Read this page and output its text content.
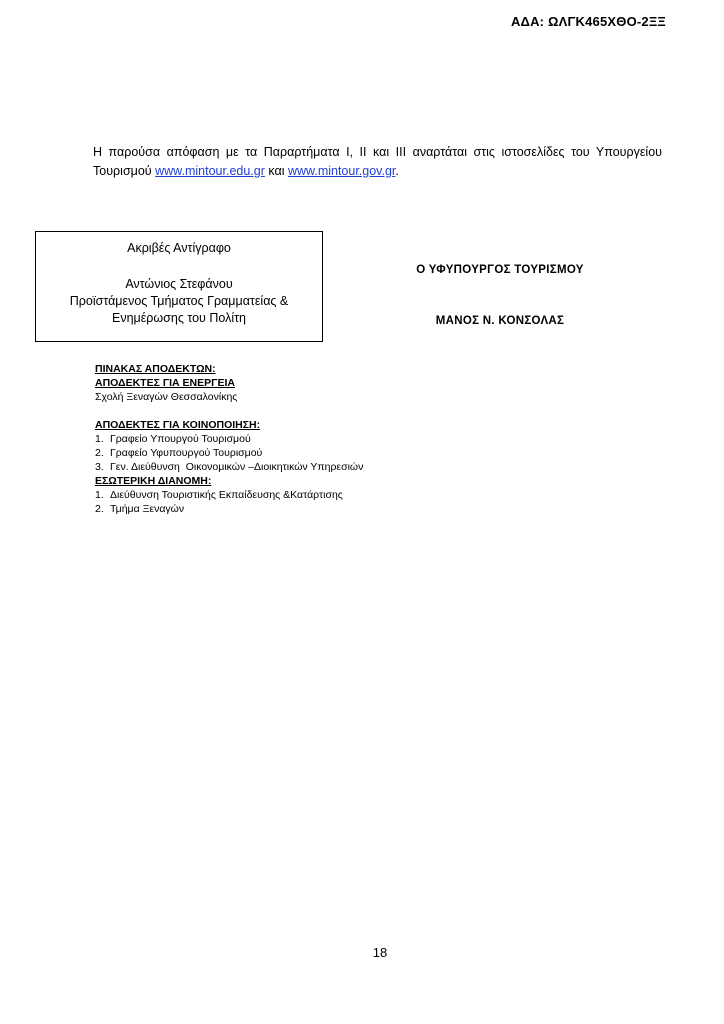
ΑΔΑ: ΩΛΓΚ465ΧΘΟ-2ΞΞ

Η παρούσα απόφαση με τα Παραρτήματα Ι, ΙΙ και ΙΙΙ αναρτάται στις ιστοσελίδες του Υπουργείου Τουρισμού www.mintour.edu.gr και www.mintour.gov.gr.

Ακριβές Αντίγραφο
Αντώνιος Στεφάνου
Προϊστάμενος Τμήματος Γραμματείας &
Ενημέρωσης του Πολίτη
Ο ΥΦΥΠΟΥΡΓΟΣ ΤΟΥΡΙΣΜΟΥ
ΜΑΝΟΣ Ν. ΚΟΝΣΟΛΑΣ
ΠΙΝΑΚΑΣ ΑΠΟΔΕΚΤΩΝ:
ΑΠΟΔΕΚΤΕΣ ΓΙΑ ΕΝΕΡΓΕΙΑ
Σχολή Ξεναγών Θεσσαλονίκης
ΑΠΟΔΕΚΤΕΣ ΓΙΑ ΚΟΙΝΟΠΟΙΗΣΗ:
1. Γραφείο Υπουργού Τουρισμού
2. Γραφείο Υφυπουργού Τουρισμού
3. Γεν. Διεύθυνση  Οικονομικών –Διοικητικών Υπηρεσιών
ΕΣΩΤΕΡΙΚΗ ΔΙΑΝΟΜΗ:
1. Διεύθυνση Τουριστικής Εκπαίδευσης &Κατάρτισης
2. Τμήμα Ξεναγών
18
